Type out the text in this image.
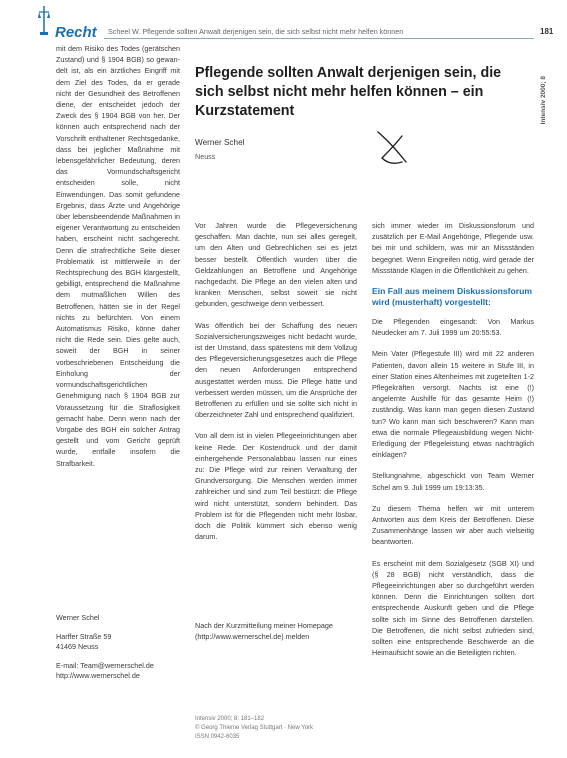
Recht Scheel W. Pflegende sollten Anwalt derjenigen sein, die sich selbst nicht mehr helfen können	181
mit dem Risiko des Todes (gerätschen Zustand) und § 1904 BGB) so gewan- delt ist, als ein ärztliches Eingriff mit dem Ziel des Todes, da er gerade nicht der Gesundheit des Betroffenen diene, der entscheidet jedoch der Zweck des § 1904 BGB von her. Der können auch entsprechend nach der Vorschrift enthaltener Rechtsgedanke, dass bei jeglicher Maßnahme mit lebensgefährlicher Bedeutung, deren das Vormundschaftsgericht entscheiden solle, nicht Einwendungen. Das somit gefundene Ergebnis, dass Ärzte und Angehörige über lebensbeendende Maßnahmen in eigener Verantwortung zu entscheiden haben, erscheint nicht sachgerecht. Denn die strafrechtliche Seite dieser Problematik ist mittlerweile in der Rechtsprechung des BGH klargestellt, gebilligt, entsprechend die Maßnahme dem mutmaßlichen Willen des Betroffenen, hätten sie in der Regel nichts zu befürchten. Von einem Automatismus Risiko, könne daher nicht die Rede sein. Dies gelte auch, soweit der BGH in seiner vorbeschriebenen Entscheidung die Einholung der vormundschaftsgerichtlichen Genehmigung nach § 1904 BGB zur Voraussetzung für die Straflosigkeit gemacht habe. Denn wenn nach der Vorgabe des BGH ein solcher Antrag gestellt und vom Gericht geprüft wurde, entfalle insofern die Strafbarkeit.

Werner Schel

Harffer Straße 59

41469 Neuss

E-mail: Team@wernerschel.de

http://www.wernerschel.de

Pflegende sollten Anwalt derjenigen sein, die sich selbst nicht mehr helfen können – ein Kurzstatement	Intensiv 2000; 8
Werner Schel
Neuss

Vor Jahren wurde die Pflegeversicherung geschaffen. Man dachte, nun sei alles geregelt, um den Alten und Gebrechlichen sei es jetzt besser bestellt. Öffentlich wurden über die Geldzahlungen an Betroffene und Angehörige nachgedacht. Die Pflege an den vielen alten und kranken Menschen, selbst soweit sie nicht gebunden, geschweige denn verbessert.

Was öffentlich bei der Schaffung des neuen Sozialversicherungszweiges nicht bedacht wurde, ist der Umstand, dass spätestens mit dem Vollzug des Pflegeversicherungsgesetzes auch die Pflege den neuen Anforderungen entsprechend ausgestattet werden muss. Die Pflege hätte und verbessert werden müssen, um die Ansprüche der Betroffenen zu erfüllen und sie sollte sich nicht in überzeichneter Zahl und entsprechend qualifiziert.

Von all dem ist in vielen Pflegeeinrichtungen aber keine Rede. Der Kostendruck und der damit einhergehende Personalabbau lassen nur eines zu: Die Pflege wird zur reinen Verwaltung der Grundversorgung. Die Menschen werden immer zahlreicher und sind zum Teil bestürzt: die Pflege wird nicht unterstützt, sondern behindert. Das Problem ist für die Pflegenden nicht mehr lösbar, doch die Politik kümmert sich ebenso wenig darum.

Nach der Kurzmitteilung meiner Homepage (http://www.wernerschel.de) melden

sich immer wieder im Diskussionsforum und zusätzlich per E-Mail Angehörige, Pflegende usw. bei mir und schildern, was mir an Missständen begegnet. Wenn Eingreifen nötig, wird gerade der Missstände Klagen in die Öffentlichkeit zu gehen.

Ein Fall aus meinem Diskussionsforum wird (musterhaft) vorgestellt:

Die Pflegenden eingesandt: Von Markus Neudecker am 7. Juli 1999 um 20:55:53.

Mein Vater (Pflegestufe III) wird mit 22 anderen Patienten, davon allein 15 weitere in Stufe III, in einer Station eines Altenheimes mit zugeteilten 1-2 Pflegekräften versorgt. Nachts ist eine (!) angelernte Aushilfe für das gesamte Heim (!) zuständig. Was kann man gegen diesen Zustand tun? Wo kann man sich beschweren? Kann man etwa die normale Pflegeausbildung wegen Nicht-Erledigung der Pflegeleistung etwas nachträglich einklagen?

Stellungnahme, abgeschickt von Team Werner Schel am 9. Juli 1999 um 19:13:35.

Zu diesem Thema helfen wir mit unterem Antworten aus dem Kreis der Betroffenen. Diese Zusammenhänge lassen wir aber auch vielseitig beantworten.

Es erscheint mit dem Sozialgesetz (SGB XI) und (§ 28 BGB) nicht verständlich, dass die Pflegeeinrichtungen aber so durchgeführt werden können. Denn die Einrichtungen sollten dort entsprechende Auskunft geben und die Pflege sollte sich im Sinne des Betroffenen darstellen. Die Betroffenen, die nicht selbst zufrieden sind, sollten eine entsprechende Beschwerde an die Heimaufsicht sowie an die Beteiligten richten.

Intensiv 2000; 8: 181–182
© Georg Thieme Verlag Stuttgart · New York
ISSN 0942-6035
